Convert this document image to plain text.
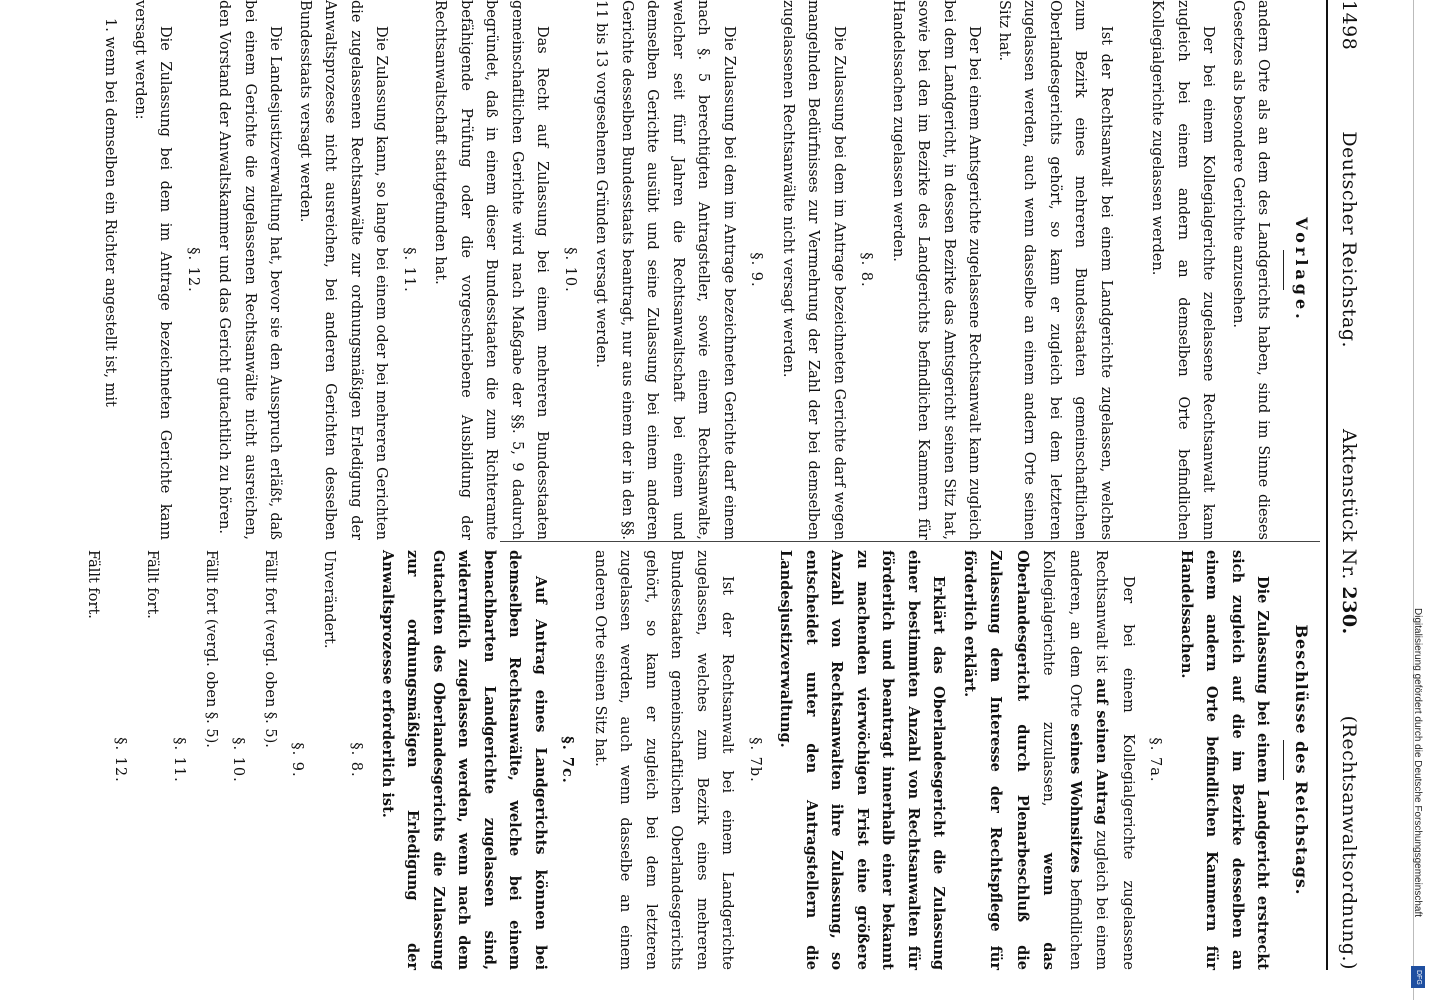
1498
Deutscher Reichstag.
Aktenstück Nr. 230.
(Rechtsanwaltsordnung.)
Vorlage.

andern Orte als an dem des Landgerichts haben, sind im Sinne dieses Gesetzes als besondere Gerichte anzusehen.

Der bei einem Kollegialgerichte zugelassene Rechtsanwalt kann zugleich bei einem andern an demselben Orte befindlichen Kollegialgerichte zugelassen werden.

Ist der Rechtsanwalt bei einem Landgerichte zugelassen, welches zum Bezirk eines mehreren Bundesstaaten gemeinschaftlichen Oberlandesgerichts gehört, so kann er zugleich bei dem letzteren zugelassen werden, auch wenn dasselbe an einem andern Orte seinen Sitz hat.

Der bei einem Amtsgerichte zugelassene Rechtsanwalt kann zugleich bei dem Landgericht, in dessen Bezirke das Amtsgericht seinen Sitz hat, sowie bei den im Bezirke des Landgerichts befindlichen Kammern für Handelssachen zugelassen werden.

§. 8.

Die Zulassung bei dem im Antrage bezeichneten Gerichte darf wegen mangelnden Bedürfnisses zur Vermehrung der Zahl der bei demselben zugelassenen Rechtsanwälte nicht versagt werden.

§. 9.

Die Zulassung bei dem im Antrage bezeichneten Gerichte darf einem nach §. 5 berechtigten Antragsteller, sowie einem Rechtsanwalte, welcher seit fünf Jahren die Rechtsanwaltschaft bei einem und demselben Gerichte ausübt und seine Zulassung bei einem anderen Gerichte desselben Bundesstaats beantragt, nur aus einem der in den §§. 11 bis 13 vorgesehenen Gründen versagt werden.

§. 10.

Das Recht auf Zulassung bei einem mehreren Bundesstaaten gemeinschaftlichen Gerichte wird nach Maßgabe der §§. 5, 9 dadurch begründet, daß in einem dieser Bundesstaaten die zum Richteramte befähigende Prüfung oder die vorgeschriebene Ausbildung der Rechtsanwaltschaft stattgefunden hat.

§. 11.

Die Zulassung kann, so lange bei einem oder bei mehreren Gerichten die zugelassenen Rechtsanwälte zur ordnungsmäßigen Erledigung der Anwaltsprozesse nicht ausreichen, bei anderen Gerichten desselben Bundesstaats versagt werden.

Die Landesjustizverwaltung hat, bevor sie den Ausspruch erläßt, daß bei einem Gerichte die zugelassenen Rechtsanwälte nicht ausreichen, den Vorstand der Anwaltskammer und das Gericht gutachtlich zu hören.

§. 12.

Die Zulassung bei dem im Antrage bezeichneten Gerichte kann versagt werden:

1. wenn bei demselben ein Richter angestellt ist, mit

Beschlüsse des Reichstags.

Die Zulassung bei einem Landgericht erstreckt sich zugleich auf die im Bezirke desselben an einem andern Orte befindlichen Kammern für Handelssachen.

§. 7a.

Der bei einem Kollegialgerichte zugelassene Rechtsanwalt ist auf seinen Antrag zugleich bei einem anderen, an dem Orte seines Wohnsitzes befindlichen Kollegialgerichte zuzulassen, wenn das Oberlandesgericht durch Plenarbeschluß die Zulassung dem Interesse der Rechtspflege für förderlich erklärt.

Erklärt das Oberlandesgericht die Zulassung einer bestimmten Anzahl von Rechtsanwalten für förderlich und beantragt innerhalb einer bekannt zu machenden vierwöchigen Frist eine größere Anzahl von Rechtsanwalten ihre Zulassung, so entscheidet unter den Antragstellern die Landesjustizverwaltung.

§. 7b.

Ist der Rechtsanwalt bei einem Landgerichte zugelassen, welches zum Bezirk eines mehreren Bundesstaaten gemeinschaftlichen Oberlandesgerichts gehört, so kann er zugleich bei dem letzteren zugelassen werden, auch wenn dasselbe an einem anderen Orte seinen Sitz hat.

§. 7c.

Auf Antrag eines Landgerichts können bei demselben Rechtsanwälte, welche bei einem benachbarten Landgerichte zugelassen sind, widerruflich zugelassen werden, wenn nach dem Gutachten des Oberlandesgerichts die Zulassung zur ordnungsmäßigen Erledigung der Anwaltsprozesse erforderlich ist.

§. 8.

Unverändert.

§. 9.

Fällt fort (vergl. oben §. 5).

§. 10.

Fällt fort (vergl. oben §. 5).

§. 11.

Fällt fort.

§. 12.

Fällt fort.

Digitalisierung gefördert durch die Deutsche Forschungsgemeinschaft
DFG
